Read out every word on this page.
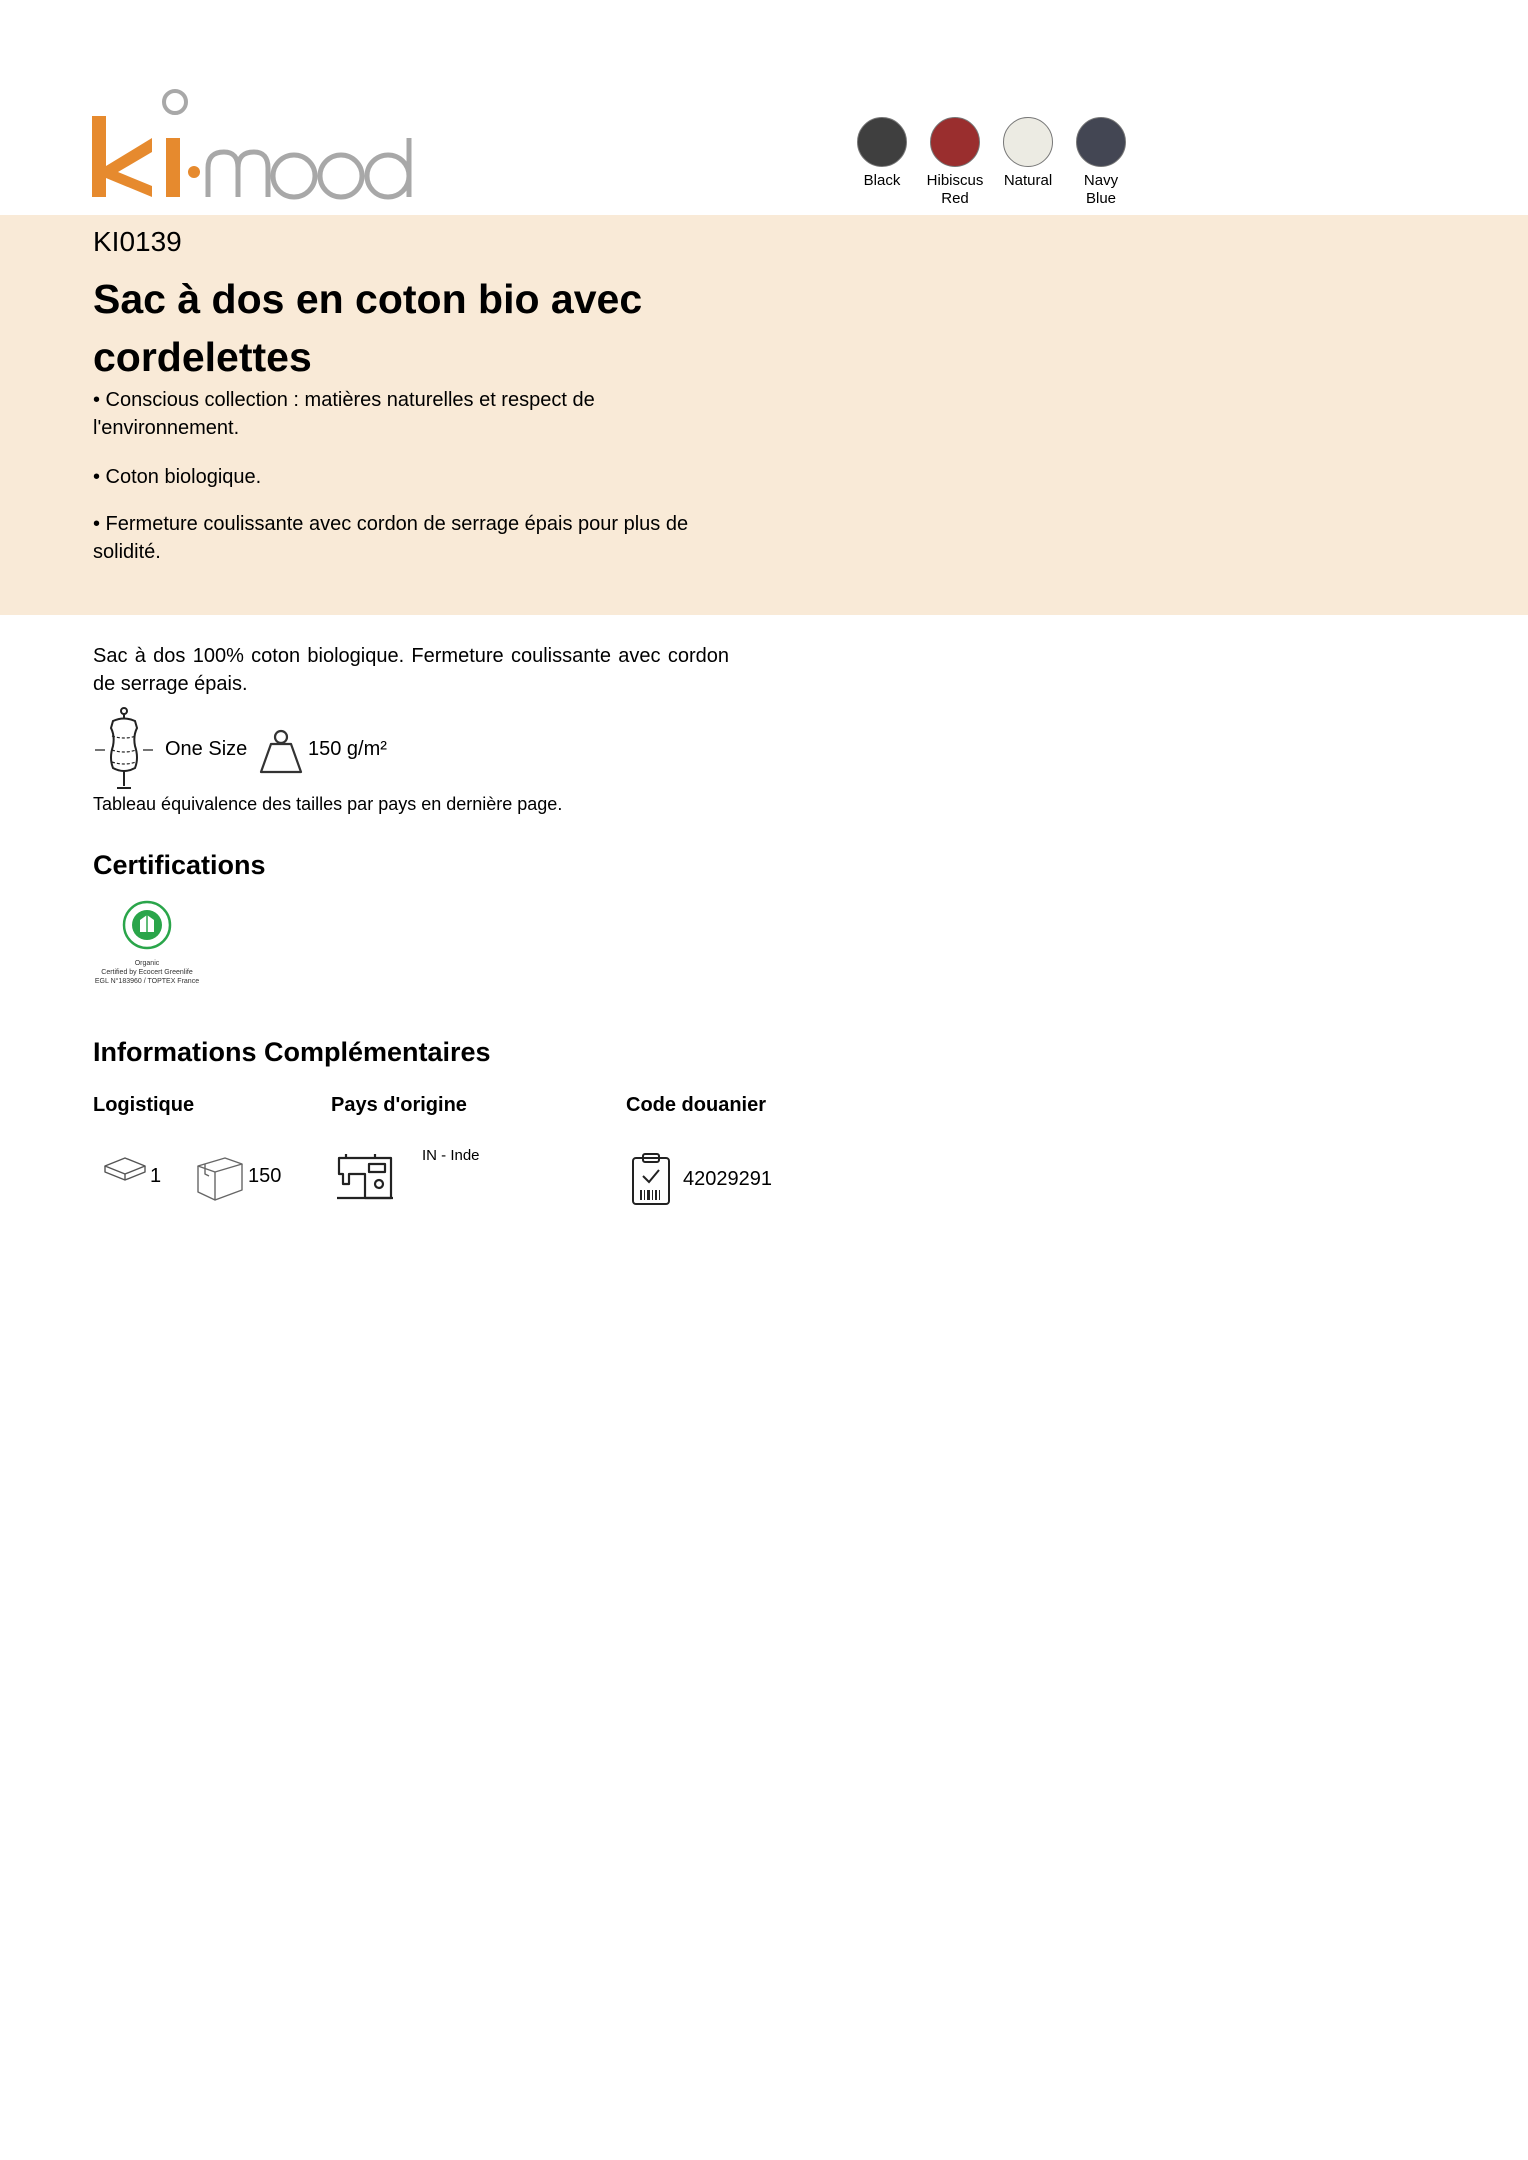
Black	Hibiscus
Red
Natural	Navy
Blue
KI0139
Sac à dos en coton bio avec cordelettes
• Conscious collection : matières naturelles et respect de l'environnement.
• Coton biologique.
• Fermeture coulissante avec cordon de serrage épais pour plus de solidité.
Sac à dos 100% coton biologique. Fermeture coulissante avec cordon de serrage épais.
One Size	150 g/m²
Tableau équivalence des tailles par pays en dernière page.
Certifications
Organic
Certified by Ecocert Greenlife
EGL N°183960 / TOPTEX France
Informations Complémentaires
Logistique	Pays d'origine	Code douanier
1	150
IN - Inde
42029291
